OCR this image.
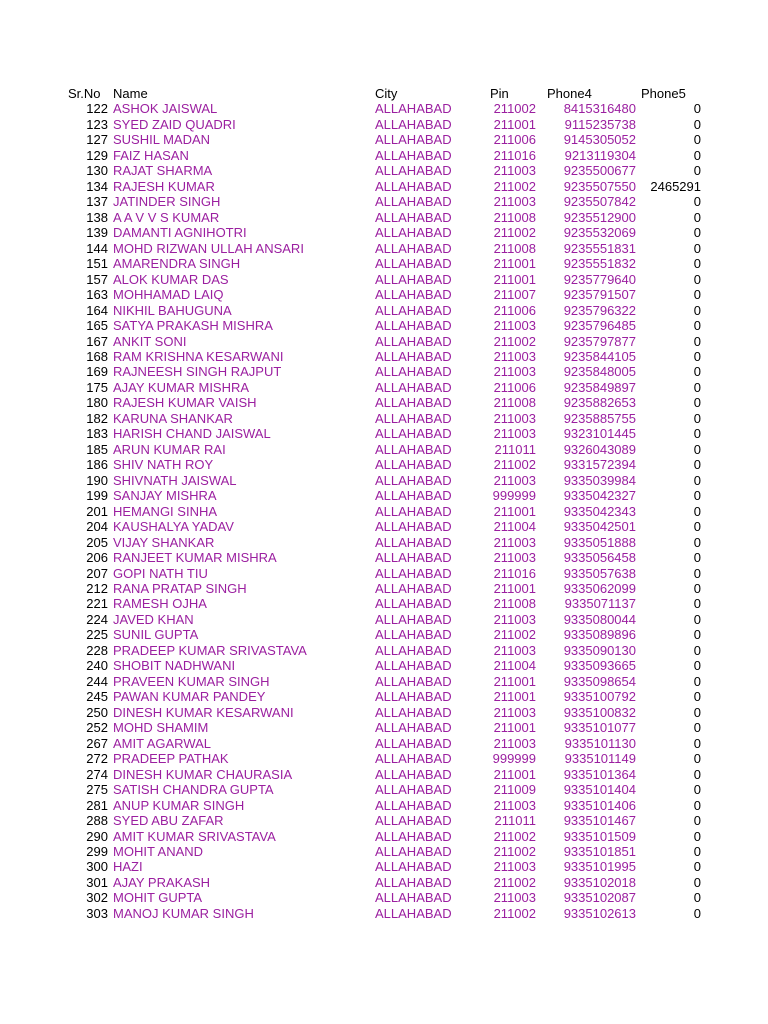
Sr.No Name	City	Pin	Phone4	Phone5
122 ASHOK JAISWAL	ALLAHABAD	211002	8415316480	0
123 SYED ZAID QUADRI	ALLAHABAD	211001	9115235738	0
127 SUSHIL MADAN	ALLAHABAD	211006	9145305052	0
129 FAIZ HASAN	ALLAHABAD	211016	9213119304	0
130 RAJAT SHARMA	ALLAHABAD	211003	9235500677	0
134 RAJESH KUMAR	ALLAHABAD	211002	9235507550	2465291
137 JATINDER SINGH	ALLAHABAD	211003	9235507842	0
138 A A V V S KUMAR	ALLAHABAD	211008	9235512900	0
139 DAMANTI AGNIHOTRI	ALLAHABAD	211002	9235532069	0
144 MOHD RIZWAN ULLAH ANSARI	ALLAHABAD	211008	9235551831	0
151 AMARENDRA SINGH	ALLAHABAD	211001	9235551832	0
157 ALOK KUMAR DAS	ALLAHABAD	211001	9235779640	0
163 MOHHAMAD LAIQ	ALLAHABAD	211007	9235791507	0
164 NIKHIL BAHUGUNA	ALLAHABAD	211006	9235796322	0
165 SATYA PRAKASH MISHRA	ALLAHABAD	211003	9235796485	0
167 ANKIT SONI	ALLAHABAD	211002	9235797877	0
168 RAM KRISHNA KESARWANI	ALLAHABAD	211003	9235844105	0
169 RAJNEESH SINGH RAJPUT	ALLAHABAD	211003	9235848005	0
175 AJAY KUMAR MISHRA	ALLAHABAD	211006	9235849897	0
180 RAJESH KUMAR VAISH	ALLAHABAD	211008	9235882653	0
182 KARUNA SHANKAR	ALLAHABAD	211003	9235885755	0
183 HARISH CHAND JAISWAL	ALLAHABAD	211003	9323101445	0
185 ARUN KUMAR RAI	ALLAHABAD	211011	9326043089	0
186 SHIV NATH ROY	ALLAHABAD	211002	9331572394	0
190 SHIVNATH JAISWAL	ALLAHABAD	211003	9335039984	0
199 SANJAY MISHRA	ALLAHABAD	999999	9335042327	0
201 HEMANGI SINHA	ALLAHABAD	211001	9335042343	0
204 KAUSHALYA YADAV	ALLAHABAD	211004	9335042501	0
205 VIJAY SHANKAR	ALLAHABAD	211003	9335051888	0
206 RANJEET KUMAR MISHRA	ALLAHABAD	211003	9335056458	0
207 GOPI NATH TIU	ALLAHABAD	211016	9335057638	0
212 RANA PRATAP SINGH	ALLAHABAD	211001	9335062099	0
221 RAMESH OJHA	ALLAHABAD	211008	9335071137	0
224 JAVED KHAN	ALLAHABAD	211003	9335080044	0
225 SUNIL GUPTA	ALLAHABAD	211002	9335089896	0
228 PRADEEP KUMAR SRIVASTAVA	ALLAHABAD	211003	9335090130	0
240 SHOBIT NADHWANI	ALLAHABAD	211004	9335093665	0
244 PRAVEEN KUMAR SINGH	ALLAHABAD	211001	9335098654	0
245 PAWAN KUMAR PANDEY	ALLAHABAD	211001	9335100792	0
250 DINESH KUMAR KESARWANI	ALLAHABAD	211003	9335100832	0
252 MOHD SHAMIM	ALLAHABAD	211001	9335101077	0
267 AMIT AGARWAL	ALLAHABAD	211003	9335101130	0
272 PRADEEP PATHAK	ALLAHABAD	999999	9335101149	0
274 DINESH KUMAR CHAURASIA	ALLAHABAD	211001	9335101364	0
275 SATISH CHANDRA GUPTA	ALLAHABAD	211009	9335101404	0
281 ANUP KUMAR SINGH	ALLAHABAD	211003	9335101406	0
288 SYED ABU ZAFAR	ALLAHABAD	211011	9335101467	0
290 AMIT KUMAR SRIVASTAVA	ALLAHABAD	211002	9335101509	0
299 MOHIT ANAND	ALLAHABAD	211002	9335101851	0
300 HAZI	ALLAHABAD	211003	9335101995	0
301 AJAY PRAKASH	ALLAHABAD	211002	9335102018	0
302 MOHIT GUPTA	ALLAHABAD	211003	9335102087	0
303 MANOJ KUMAR SINGH	ALLAHABAD	211002	9335102613	0
